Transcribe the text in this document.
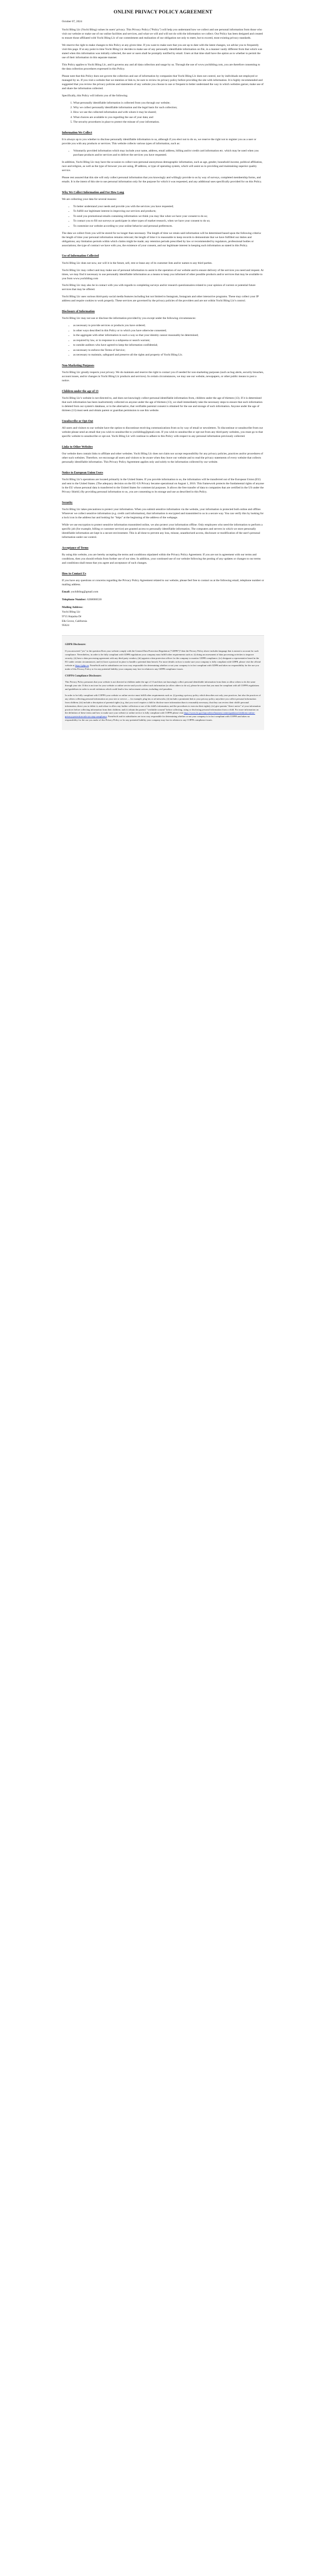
ONLINE PRIVACY POLICY AGREEMENT

October 07, 2024

Yochi Bling Llc (Yochi Bling) values its users' privacy. This Privacy Policy ("Policy") will help you understand how we collect and use personal information from those who visit our website or make use of our online facilities and services, and what we will and will not do with the information we collect. Our Policy has been designed and created to ensure those affiliated with Yochi Bling Llc of our commitment and realization of our obligation not only to meet, but to exceed, most existing privacy standards.

We reserve the right to make changes to this Policy at any given time. If you want to make sure that you are up to date with the latest changes, we advise you to frequently visit this page. If at any point in time Yochi Bling Llc decides to make use of any personally identifiable information on file, in a manner vastly different from that which was stated when this information was initially collected, the user or users shall be promptly notified by email. Users at that time shall have the option as to whether to permit the use of their information in this separate manner.

This Policy applies to Yochi Bling Llc, and it governs any and all data collection and usage by us. Through the use of www.yochibling.com, you are therefore consenting to the data collection procedures expressed in this Policy.

Please note that this Policy does not govern the collection and use of information by companies that Yochi Bling Llc does not control, nor by individuals not employed or managed by us. If you visit a website that we mention or link to, be sure to review its privacy policy before providing the site with information. It is highly recommended and suggested that you review the privacy policies and statements of any website you choose to use or frequent to better understand the way in which websites garner, make use of and share the information collected.

Specifically, this Policy will inform you of the following

1. What personally identifiable information is collected from you through our website;
2. Why we collect personally identifiable information and the legal basis for such collection;
3. How we use the collected information and with whom it may be shared;
4. What choices are available to you regarding the use of your data; and
5. The security procedures in place to protect the misuse of your information.
Information We Collect

It is always up to you whether to disclose personally identifiable information to us, although if you elect not to do so, we reserve the right not to register you as a user or provide you with any products or services. This website collects various types of information, such as:

• Voluntarily provided information which may include your name, address, email address, billing and/or credit card information etc. which may be used when you purchase products and/or services and to deliver the services you have requested.

In addition, Yochi Bling Llc may have the occasion to collect non-personal anonymous demographic information, such as age, gender, household income, political affiliation, race and religion, as well as the type of browser you are using, IP address, or type of operating system, which will assist us in providing and maintaining superior quality service.

Please rest assured that this site will only collect personal information that you knowingly and willingly provide to us by way of surveys, completed membership forms, and emails. It is the intent of this site to use personal information only for the purpose for which it was requested, and any additional uses specifically provided for on this Policy.

Why We Collect Information and For How Long

We are collecting your data for several reasons:

• To better understand your needs and provide you with the services you have requested;
• To fulfill our legitimate interest in improving our services and products;
• To send you promotional emails containing information we think you may like when we have your consent to do so;
• To contact you to fill out surveys or participate in other types of market research, when we have your consent to do so;
• To customize our website according to your online behavior and personal preferences.

The data we collect from you will be stored for no longer than necessary. The length of time we retain said information will be determined based upon the following criteria: the length of time your personal information remains relevant; the length of time it is reasonable to keep records to demonstrate that we have fulfilled our duties and obligations; any limitation periods within which claims might be made; any retention periods prescribed by law or recommended by regulators, professional bodies or associations; the type of contract we have with you, the existence of your consent, and our legitimate interest in keeping such information as stated in this Policy.

Use of Information Collected

Yochi Bling Llc does not now, nor will it in the future, sell, rent or lease any of its customer lists and/or names to any third parties.

Yochi Bling Llc may collect and may make use of personal information to assist in the operation of our website and to ensure delivery of the services you need and request. At times, we may find it necessary to use personally identifiable information as a means to keep you informed of other possible products and/or services that may be available to you from www.yochibling.com

Yochi Bling Llc may also be in contact with you with regards to completing surveys and/or research questionnaires related to your opinion of current or potential future services that may be offered.

Yochi Bling Llc uses various third-party social media features including but not limited to Instagram, Instagram and other interactive programs. These may collect your IP address and require cookies to work properly. These services are governed by the privacy policies of the providers and are not within Yochi Bling Llc's control.

Disclosure of Information

Yochi Bling Llc may not use or disclose the information provided by you except under the following circumstances:

• as necessary to provide services or products you have ordered;
• in other ways described in this Policy or to which you have otherwise consented;
• in the aggregate with other information in such a way so that your identity cannot reasonably be determined;
• as required by law, or in response to a subpoena or search warrant;
• to outside auditors who have agreed to keep the information confidential;
• as necessary to enforce the Terms of Service;
• as necessary to maintain, safeguard and preserve all the rights and property of Yochi Bling Llc.
Non-Marketing Purposes

Yochi Bling Llc greatly respects your privacy. We do maintain and reserve the right to contact you if needed for non-marketing purposes (such as bug alerts, security breaches, account issues, and/or changes in Yochi Bling Llc products and services). In certain circumstances, we may use our website, newspapers, or other public means to post a notice.

Children under the age of 13

Yochi Bling Llc's website is not directed to, and does not knowingly collect personal identifiable information from, children under the age of thirteen (13). If it is determined that such information has been inadvertently collected on anyone under the age of thirteen (13), we shall immediately take the necessary steps to ensure that such information is deleted from our system's database, or in the alternative, that verifiable parental consent is obtained for the use and storage of such information. Anyone under the age of thirteen (13) must seek and obtain parent or guardian permission to use this website.

Unsubscribe or Opt-Out

All users and visitors to our website have the option to discontinue receiving communications from us by way of email or newsletters. To discontinue or unsubscribe from our website please send an email that you wish to unsubscribe to yochibling@gmail.com. If you wish to unsubscribe or opt-out from any third-party websites, you must go to that specific website to unsubscribe or opt-out. Yochi Bling Llc will continue to adhere to this Policy with respect to any personal information previously collected.

Links to Other Websites

Our website does contain links to affiliate and other websites. Yochi Bling Llc does not claim nor accept responsibility for any privacy policies, practices and/or procedures of other such websites. Therefore, we encourage all users and visitors to be aware when they leave our website and to read the privacy statements of every website that collects personally identifiable information. This Privacy Policy Agreement applies only and solely to the information collected by our website.

Notice to European Union Users

Yochi Bling Llc's operations are located primarily in the United States. If you provide information to us, the information will be transferred out of the European Union (EU) and sent to the United States. (The adequacy decision on the EU-US Privacy became operational on August 1, 2016. This framework protects the fundamental rights of anyone in the EU whose personal data is transferred to the United States for commercial purposes. It allows the free transfer of data to companies that are certified in the US under the Privacy Shield.) By providing personal information to us, you are consenting to its storage and use as described in this Policy.

Security

Yochi Bling Llc takes precautions to protect your information. When you submit sensitive information via the website, your information is protected both online and offline. Wherever we collect sensitive information (e.g. credit card information), that information is encrypted and transmitted to us in a secure way. You can verify this by looking for a lock icon in the address bar and looking for "https" at the beginning of the address of the webpage.

While we use encryption to protect sensitive information transmitted online, we also protect your information offline. Only employees who need the information to perform a specific job (for example, billing or customer service) are granted access to personally identifiable information. The computers and servers in which we store personally identifiable information are kept in a secure environment. This is all done to prevent any loss, misuse, unauthorized access, disclosure or modification of the user's personal information under our control.

Acceptance of Terms

By using this website, you are hereby accepting the terms and conditions stipulated within the Privacy Policy Agreement. If you are not in agreement with our terms and conditions, then you should refrain from further use of our sites. In addition, your continued use of our website following the posting of any updates or changes to our terms and conditions shall mean that you agree and acceptance of such changes.

How to Contact Us

If you have any questions or concerns regarding the Privacy Policy Agreement related to our website, please feel free to contact us at the following email, telephone number or mailing address.

Email: yochibling@gmail.com

Telephone Number: 6268006530

Mailing Address:

Yochi Bling Llc

9715 Kepalsa Dr

Elk Grove, California

95624

GDPR Disclosure:

If you answered "yes" to the question Does your website comply with the General Data Protection Regulation ("GDPR")? then the Privacy Policy above includes language that is meant to account for such compliance. Nevertheless, in order to be fully compliant with GDPR regulations your company must fulfill other requirements such as: (i) doing an assessment of data processing activities to improve security; (ii) have a data processing agreement with any third party vendors; (iii) appoint a data protection officer for the company to monitor GDPR compliance; (iv) designate a representative based in the EU under certain circumstances; and (v) have a protocol in place to handle a potential data breach. For more details on how to make sure your company is fully compliant with GDPR, please visit the official website at https://gdpr.eu. FormSwift and its subsidiaries are in no way responsible for determining whether or not your company is in fact compliant with GDPR and takes no responsibility for the use you make of this Privacy Policy or for any potential liability your company may face in relation to any GDPR compliance issues.

COPPA Compliance Disclosure:

This Privacy Policy presumes that your website is not directed at children under the age of 13 and does not knowingly collect personal identifiable information from them or allow others to do the same through your site. If this is not true for your website or online service and you do collect such information (or allow others to do so), please be aware that you must be compliant with all COPPA regulations and guidelines in order to avoid violations which could lead to law enforcement actions, including civil penalties.

In order to be fully compliant with COPPA your website or online service must fulfill other requirements such as: (i) posting a privacy policy which describes not only your practices, but also the practices of any others collecting personal information on your site or service — for example, plug-ins or ad networks; (ii) include a prominent link to your privacy policy anywhere you collect personal information from children; (iii) include a description of parental rights (e.g. that you won't require a child to disclose more information than is reasonably necessary, that they can review their child's personal information, direct you to delete it, and refuse to allow any further collection or use of the child's information, and the procedures to exercise their rights); (iv) give parents "direct notice" of your information practices before collecting information from their children; and (v) obtain the parents' "verifiable consent" before collecting, using or disclosing personal information from a child. For more information on the definition of these terms and how to make sure your website or online service is fully compliant with COPPA please visit https://www.ftc.gov/tips-advice/business-center/guidance/childrens-online-privacy-protection-rule-six-step-compliance. FormSwift and its subsidiaries are in no way responsible for determining whether or not your company is in fact compliant with COPPA and takes no responsibility for the use you make of this Privacy Policy or for any potential liability your company may face in relation to any COPPA compliance issues.
